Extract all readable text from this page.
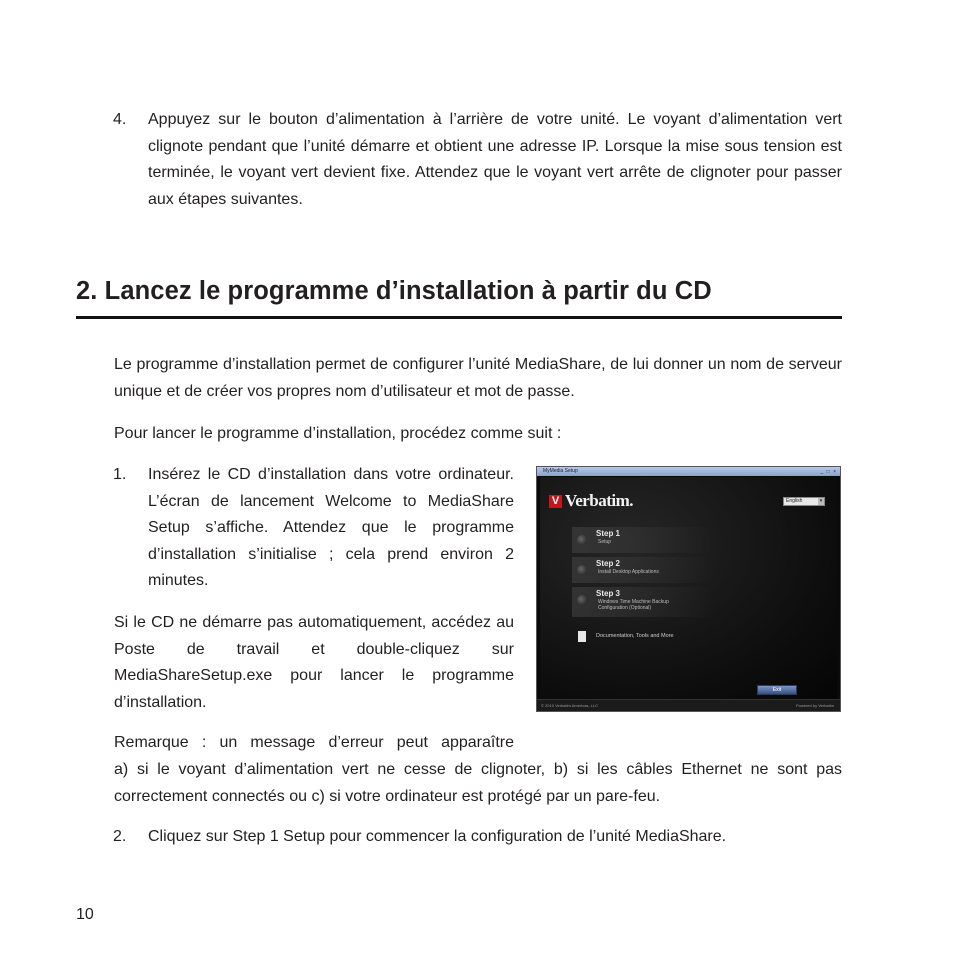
4. Appuyez sur le bouton d’alimentation à l’arrière de votre unité. Le voyant d’alimentation vert clignote pendant que l’unité démarre et obtient une adresse IP. Lorsque la mise sous tension est terminée, le voyant vert devient fixe. Attendez que le voyant vert arrête de clignoter pour passer aux étapes suivantes.

2. Lancez le programme d’installation à partir du CD

Le programme d’installation permet de configurer l’unité MediaShare, de lui donner un nom de serveur unique et de créer vos propres nom d’utilisateur et mot de passe.

Pour lancer le programme d’installation, procédez comme suit :

1. Insérez le CD d’installation dans votre ordinateur. L’écran de lancement Welcome to MediaShare Setup s’affiche. Attendez que le programme d’installation s’initialise ; cela prend environ 2 minutes.

Si le CD ne démarre pas automatiquement, accédez au Poste de travail et double-cliquez sur MediaShareSetup.exe pour lancer le programme d’installation.

Remarque : un message d’erreur peut apparaître

a) si le voyant d’alimentation vert ne cesse de clignoter, b) si les câbles Ethernet ne sont pas correctement connectés ou c) si votre ordinateur est protégé par un pare-feu.

2. Cliquez sur Step 1 Setup pour commencer la configuration de l’unité MediaShare.

10
MyMedia Setup	_ □ ×
V Verbatim.	English	▾
Step 1
Setup
Step 2
Install Desktop Applications
Step 3
Windows Time Machine Backup Configuration (Optional)
Documentation, Tools and More
Exit
© 2010 Verbatim Americas, LLC	Powered by Verbatim
